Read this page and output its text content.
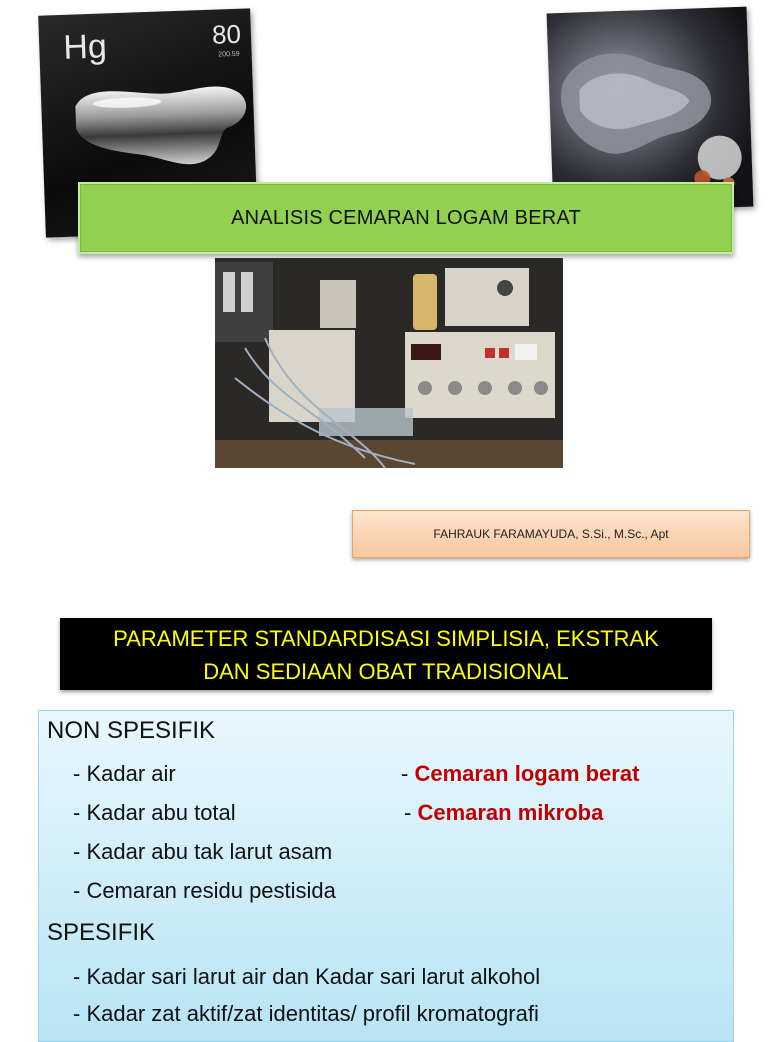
Hg	80
200.59
ANALISIS CEMARAN LOGAM BERAT
FAHRAUK FARAMAYUDA, S.Si., M.Sc., Apt
PARAMETER STANDARDISASI SIMPLISIA, EKSTRAK
DAN SEDIAAN OBAT TRADISIONAL
NON SPESIFIK
- Kadar air
- Kadar abu total
- Kadar abu tak larut asam
- Cemaran residu pestisida
- Cemaran logam berat
- Cemaran mikroba
SPESIFIK
- Kadar sari larut air dan Kadar sari larut alkohol
- Kadar zat aktif/zat identitas/ profil kromatografi
